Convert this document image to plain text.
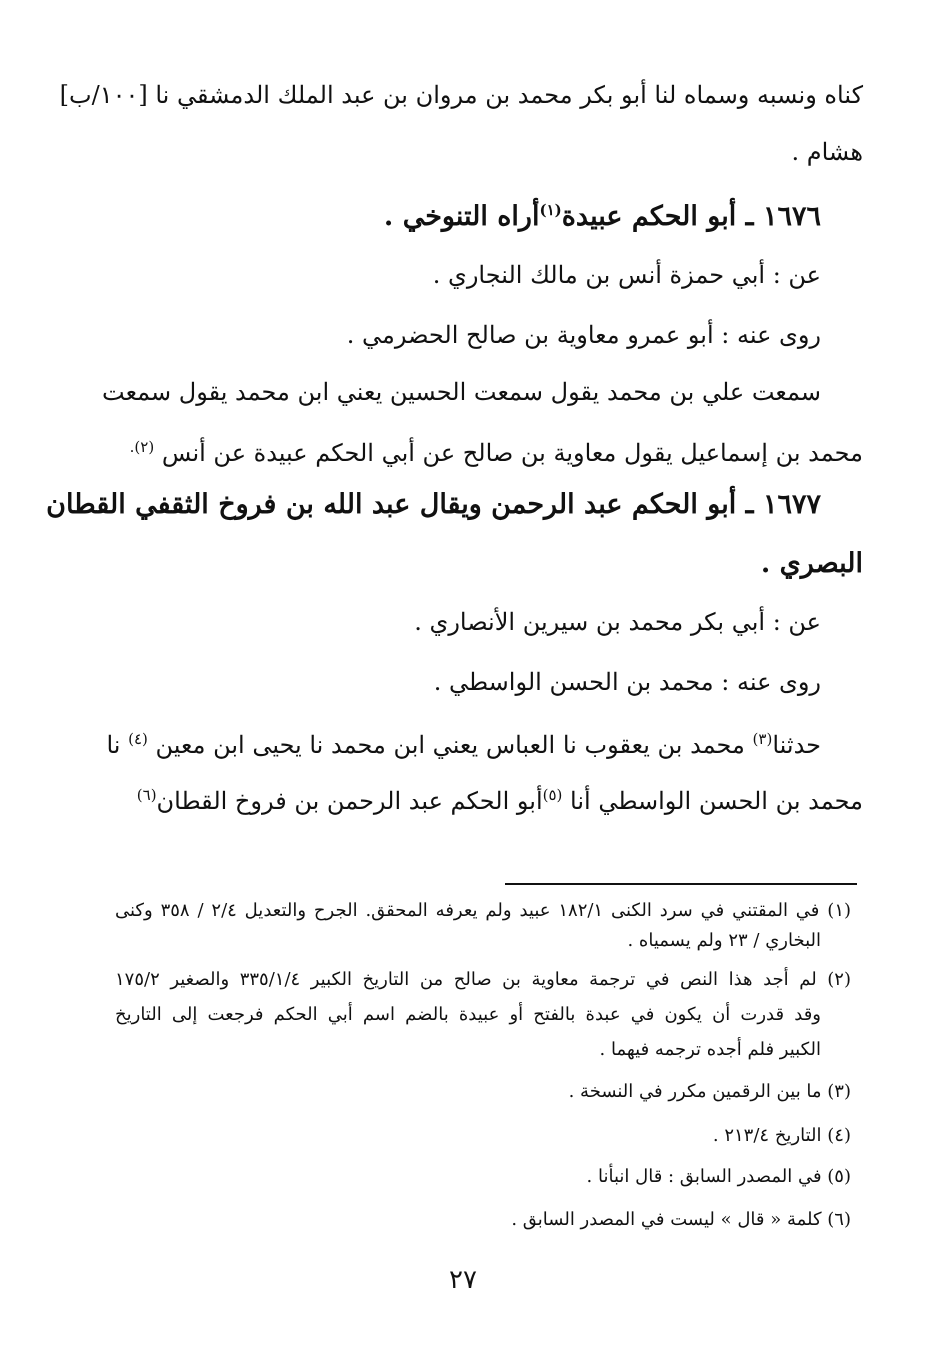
كناه ونسبه وسماه لنا أبو بكر محمد بن مروان بن عبد الملك الدمشقي نا [١٠٠/ب]

هشام .

١٦٧٦ ـ أبو الحكم عبيدة$^{(١)}$أراه التنوخي .

عن : أبي حمزة أنس بن مالك النجاري .

روى عنه : أبو عمرو معاوية بن صالح الحضرمي .

سمعت علي بن محمد يقول سمعت الحسين يعني ابن محمد يقول سمعت

محمد بن إسماعيل يقول معاوية بن صالح عن أبي الحكم عبيدة عن أنس $^{(٢).}$

١٦٧٧ ـ أبو الحكم عبد الرحمن ويقال عبد الله بن فروخ الثقفي القطان

البصري .

عن : أبي بكر محمد بن سيرين الأنصاري .

روى عنه : محمد بن الحسن الواسطي .

حدثنا$^{(٣)}$ محمد بن يعقوب نا العباس يعني ابن محمد نا يحيى ابن معين $^{(٤)}$ نا

محمد بن الحسن الواسطي أنا $^{(٥)}$أبو الحكم عبد الرحمن بن فروخ القطان$^{(٦)}$

(١) في المقتني في سرد الكنى ١٨٢/١ عبيد ولم يعرفه المحقق. الجرح والتعديل ٢/٤ / ٣٥٨ وكنى
البخاري / ٢٣ ولم يسمياه .
(٢) لم أجد هذا النص في ترجمة معاوية بن صالح من التاريخ الكبير ٣٣٥/١/٤ والصغير ١٧٥/٢
وقد قدرت أن يكون في عبدة بالفتح أو عبيدة بالضم اسم أبي الحكم فرجعت إلى التاريخ
الكبير فلم أجده ترجمه فيهما .
(٣) ما بين الرقمين مكرر في النسخة .
(٤) التاريخ ٢١٣/٤ .
(٥) في المصدر السابق : قال انبأنا .
(٦) كلمة « قال » ليست في المصدر السابق .
٢٧
